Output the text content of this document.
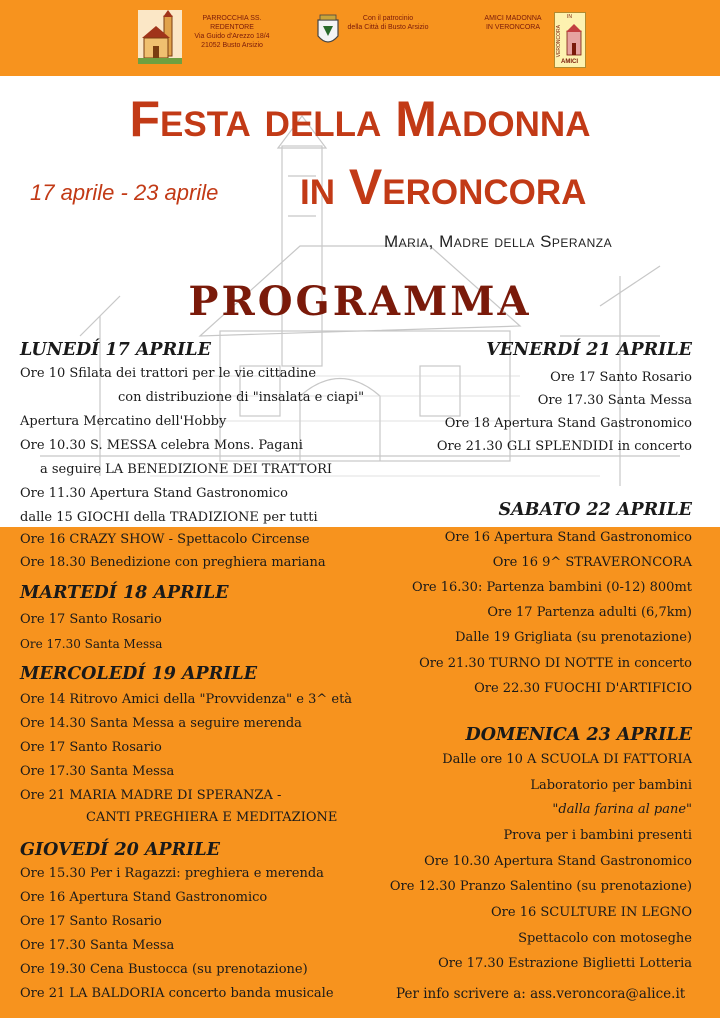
PARROCCHIA SS. REDENTORE
Via Guido d'Arezzo 18/4
21052 Busto Arsizio
Con il patrocinio
della Città di Busto Arsizio
AMICI MADONNA
IN VERONCORA	VERONCORA
IN
AMICI
Festa della Madonna
17 aprile - 23 aprile in Veroncora
Maria, Madre della Speranza
PROGRAMMA
LUNEDÍ 17 APRILE
Ore 10 Sfilata dei trattori per le vie cittadine
con distribuzione di "insalata e ciapi"
Apertura Mercatino dell'Hobby
Ore 10.30 S. MESSA celebra Mons. Pagani
a seguire LA BENEDIZIONE DEI TRATTORI
Ore 11.30 Apertura Stand Gastronomico
dalle 15 GIOCHI della TRADIZIONE per tutti
Ore 16 CRAZY SHOW - Spettacolo Circense
Ore 18.30 Benedizione con preghiera mariana
MARTEDÍ 18 APRILE
Ore 17 Santo Rosario
Ore 17.30 Santa Messa
MERCOLEDÍ 19 APRILE
Ore 14 Ritrovo Amici della "Provvidenza" e 3^ età
Ore 14.30 Santa Messa a seguire merenda
Ore 17 Santo Rosario
Ore 17.30 Santa Messa
Ore 21 MARIA MADRE DI SPERANZA -
CANTI PREGHIERA E MEDITAZIONE
GIOVEDÍ 20 APRILE
Ore 15.30 Per i Ragazzi: preghiera e merenda
Ore 16 Apertura Stand Gastronomico
Ore 17 Santo Rosario
Ore 17.30 Santa Messa
Ore 19.30 Cena Bustocca (su prenotazione)
Ore 21 LA BALDORIA concerto banda musicale
VENERDÍ 21 APRILE
Ore 17 Santo Rosario
Ore 17.30 Santa Messa
Ore 18 Apertura Stand Gastronomico
Ore 21.30 GLI SPLENDIDI in concerto
SABATO 22 APRILE
Ore 16 Apertura Stand Gastronomico
Ore 16 9^ STRAVERONCORA
Ore 16.30: Partenza bambini (0-12) 800mt
Ore 17 Partenza adulti (6,7km)
Dalle 19 Grigliata (su prenotazione)
Ore 21.30 TURNO DI NOTTE in concerto
Ore 22.30 FUOCHI D'ARTIFICIO
DOMENICA 23 APRILE
Dalle ore 10 A SCUOLA DI FATTORIA
Laboratorio per bambini
"dalla farina al pane"
Prova per i bambini presenti
Ore 10.30 Apertura Stand Gastronomico
Ore 12.30 Pranzo Salentino (su prenotazione)
Ore 16 SCULTURE IN LEGNO
Spettacolo con motoseghe
Ore 17.30 Estrazione Biglietti Lotteria
Per info scrivere a: ass.veroncora@alice.it
